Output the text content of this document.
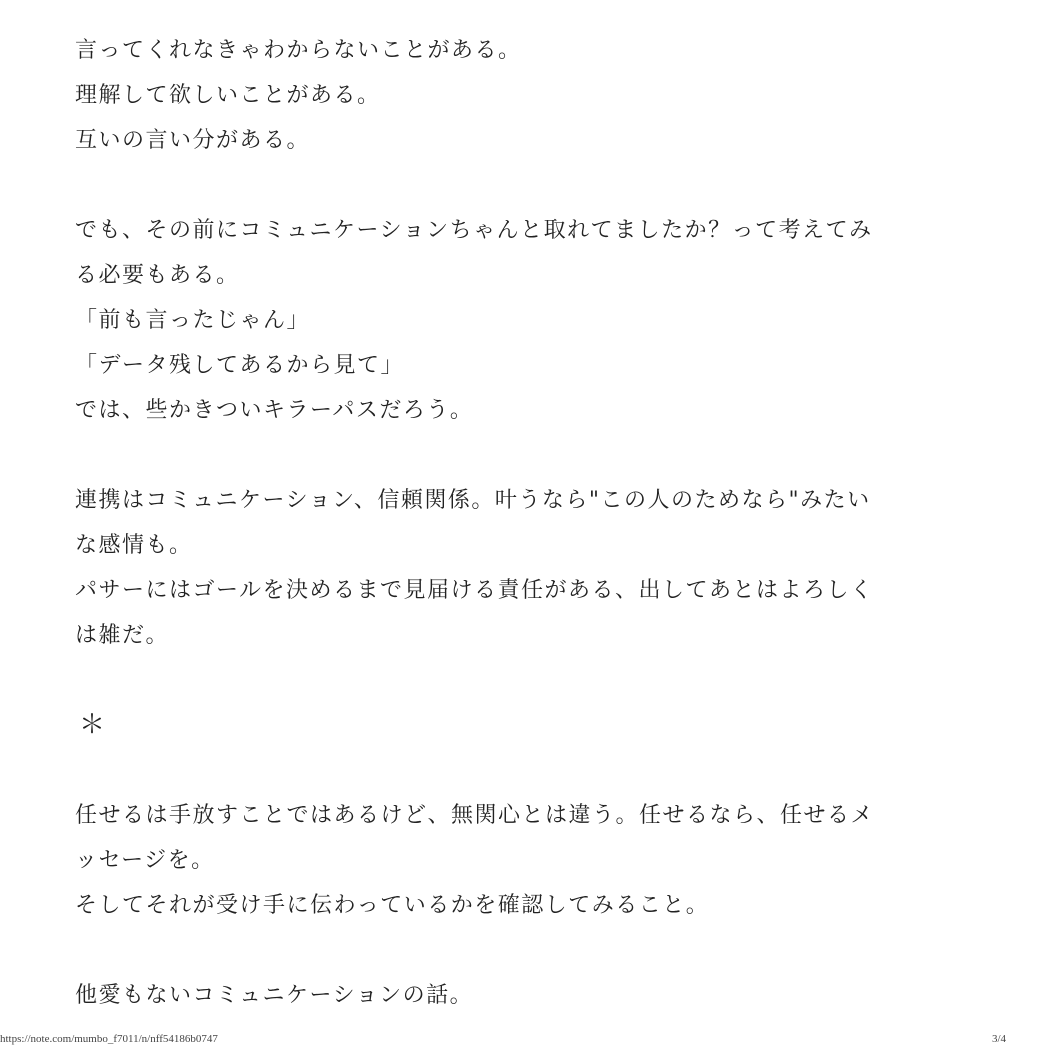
言ってくれなきゃわからないことがある。
理解して欲しいことがある。
互いの言い分がある。
でも、その前にコミュニケーションちゃんと取れてましたか？って考えてみ
る必要もある。
「前も言ったじゃん」
「データ残してあるから見て」
では、些かきついキラーパスだろう。
連携はコミュニケーション、信頼関係。叶うなら"この人のためなら"みたい
な感情も。
パサーにはゴールを決めるまで見届ける責任がある、出してあとはよろしく
は雑だ。
＊
任せるは手放すことではあるけど、無関心とは違う。任せるなら、任せるメ
ッセージを。
そしてそれが受け手に伝わっているかを確認してみること。
他愛もないコミュニケーションの話。
https://note.com/mumbo_f7011/n/nff54186b0747	3/4
